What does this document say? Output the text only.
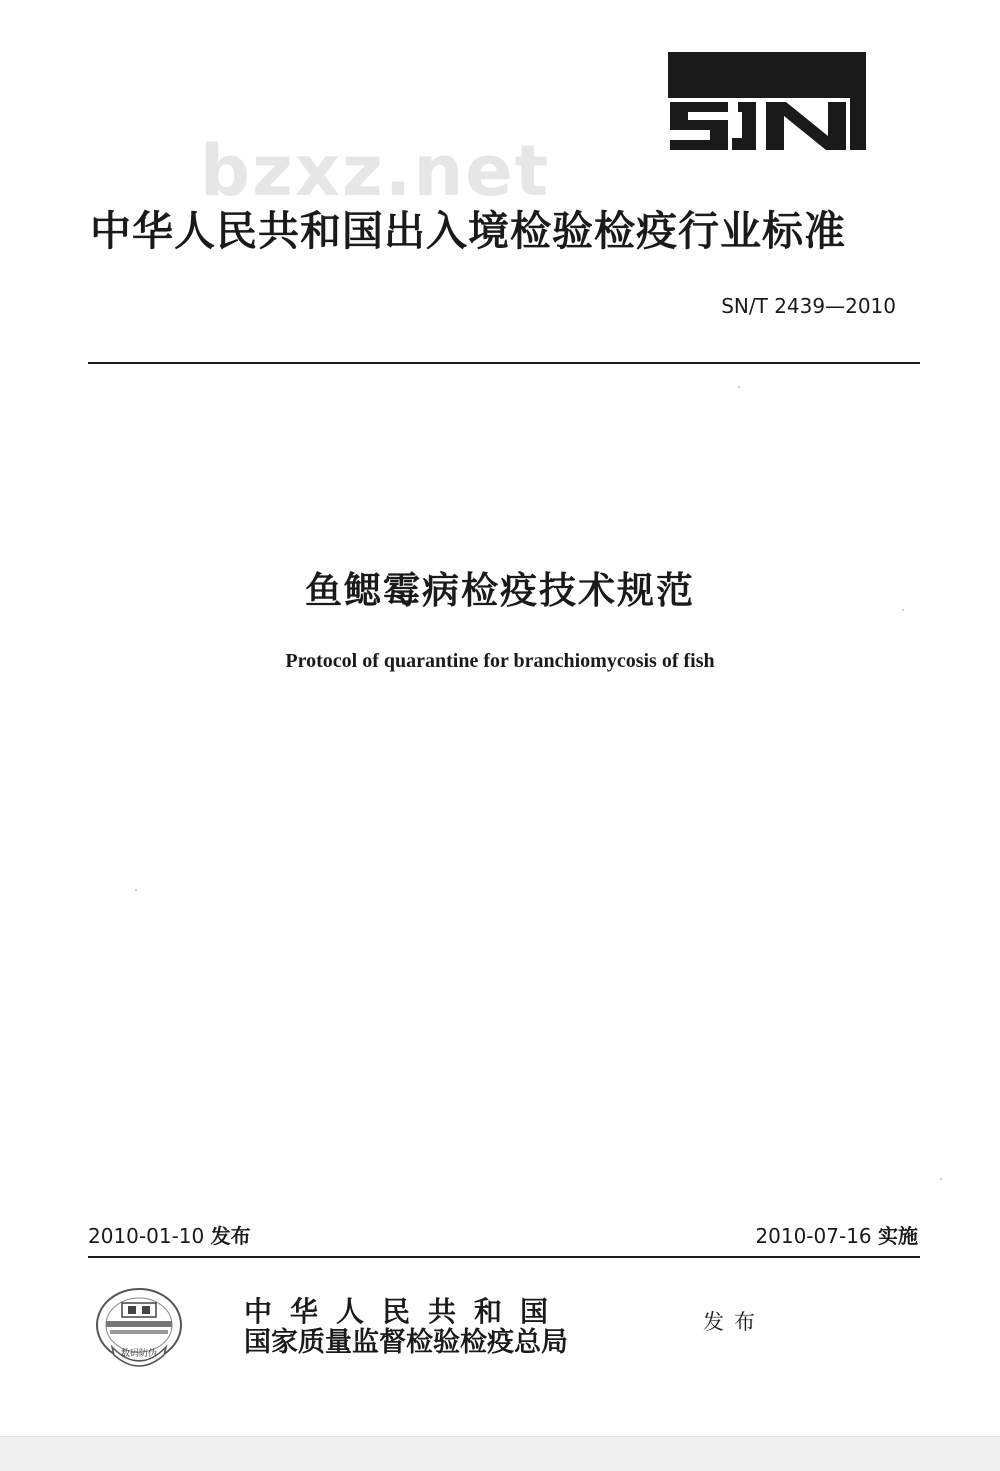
bzxz.net
中华人民共和国出入境检验检疫行业标准
SN/T 2439—2010
鱼鳃霉病检疫技术规范
Protocol of quarantine for branchiomycosis of fish
2010-01-10 发布	2010-07-16 实施
数码防伪
中华人民共和国
国家质量监督检验检疫总局
发布
